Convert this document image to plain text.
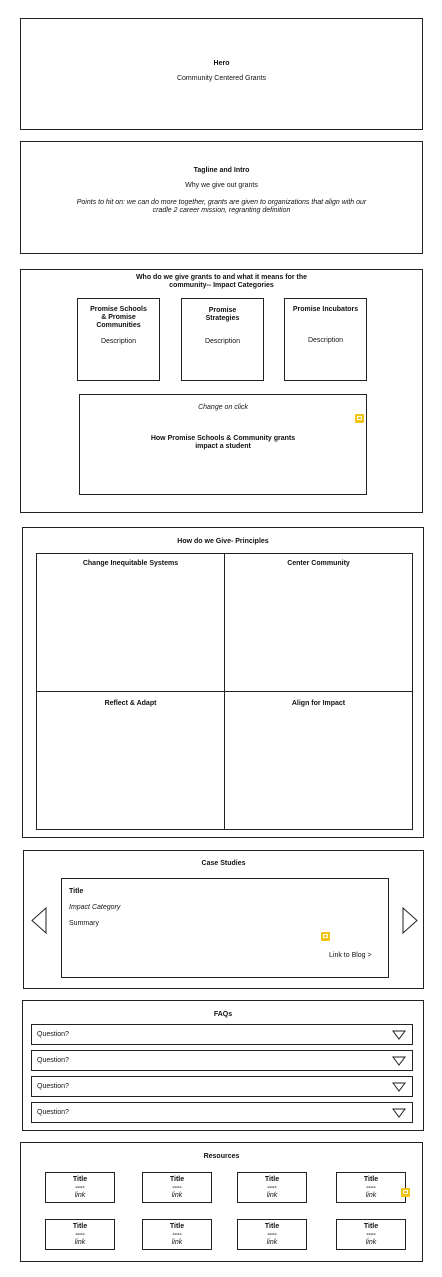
Hero
Community Centered Grants
Tagline and Intro
Why we give out grants
Points to hit on: we can do more together, grants are given to organizations that align with our
cradle 2 career mission, regranting definition
Who do we give grants to and what it means for the
community-- Impact Categories
Promise Schools
& Promise
Communities
Description
Promise
Strategies
Description
Promise Incubators
Description
Change on click
How Promise Schools & Community grants
impact a student
How do we Give- Principles
Change Inequitable Systems	Center Community
Reflect & Adapt	Align for Impact
Case Studies
Title
Impact Category
Summary
Link to Blog >
FAQs
Question?
Question?
Question?
Question?
Resources
Title
----
link
Title
----
link
Title
----
link
Title
----
link
Title
----
link
Title
----
link
Title
----
link
Title
----
link
